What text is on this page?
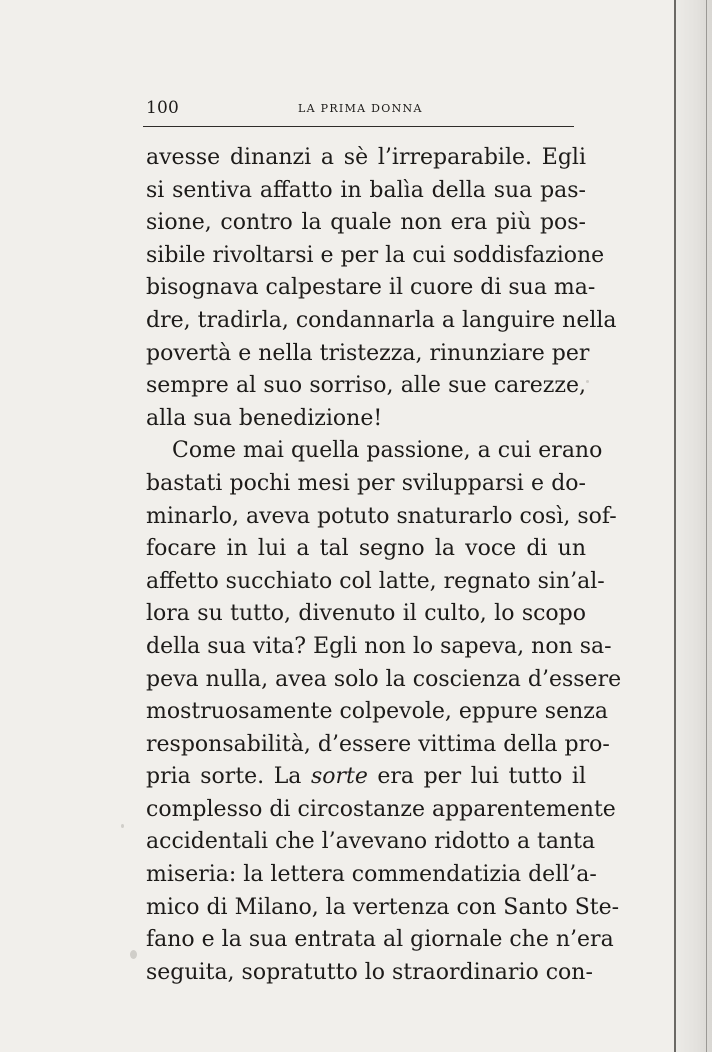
100	LA PRIMA DONNA
avesse dinanzi a sè l’irreparabile. Egli
si sentiva affatto in balìa della sua pas-
sione, contro la quale non era più pos-
sibile rivoltarsi e per la cui soddisfazione
bisognava calpestare il cuore di sua ma-
dre, tradirla, condannarla a languire nella
povertà e nella tristezza, rinunziare per
sempre al suo sorriso, alle sue carezze,
alla sua benedizione!
Come mai quella passione, a cui erano
bastati pochi mesi per svilupparsi e do-
minarlo, aveva potuto snaturarlo così, sof-
focare in lui a tal segno la voce di un
affetto succhiato col latte, regnato sin’al-
lora su tutto, divenuto il culto, lo scopo
della sua vita? Egli non lo sapeva, non sa-
peva nulla, avea solo la coscienza d’essere
mostruosamente colpevole, eppure senza
responsabilità, d’essere vittima della pro-
pria sorte. La sorte era per lui tutto il
complesso di circostanze apparentemente
accidentali che l’avevano ridotto a tanta
miseria: la lettera commendatizia dell’a-
mico di Milano, la vertenza con Santo Ste-
fano e la sua entrata al giornale che n’era
seguita, sopratutto lo straordinario con-
